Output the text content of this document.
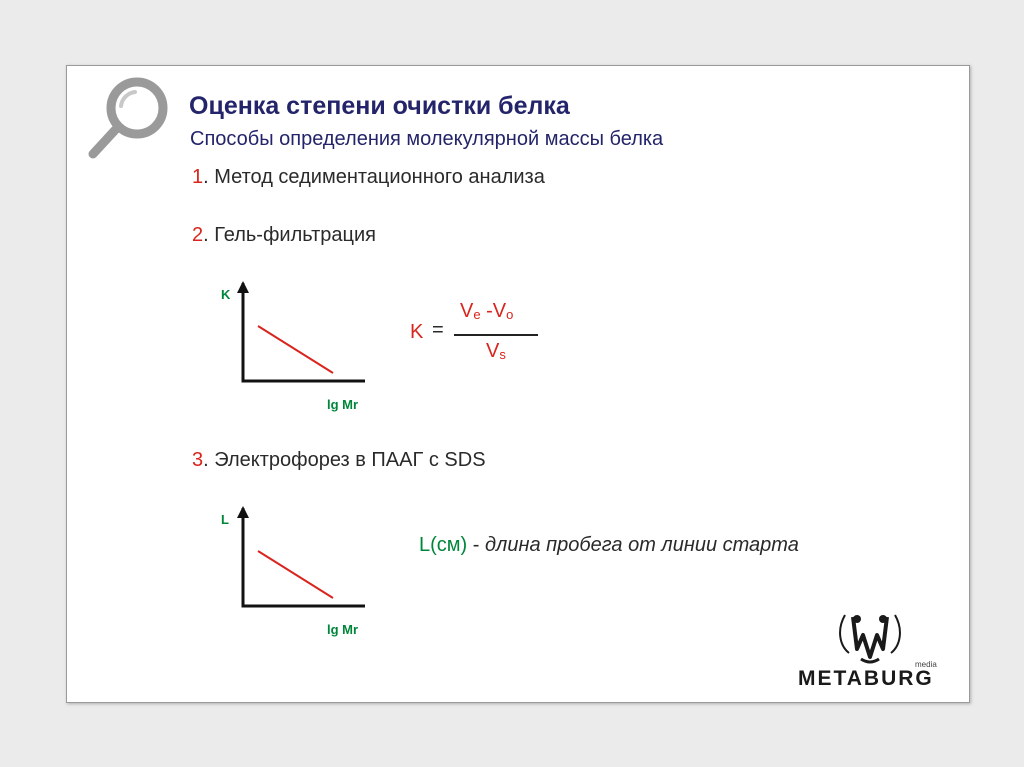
Оценка степени очистки белка
Способы определения молекулярной массы белка
1. Метод седиментационного анализа
2. Гель-фильтрация
3. Электрофорез в ПААГ с SDS
K
lg Mr
K =
$V_e$ $-V_o$
$V_s$
L
lg Mr
L(см) - длина пробега от линии старта
media
METABURG
